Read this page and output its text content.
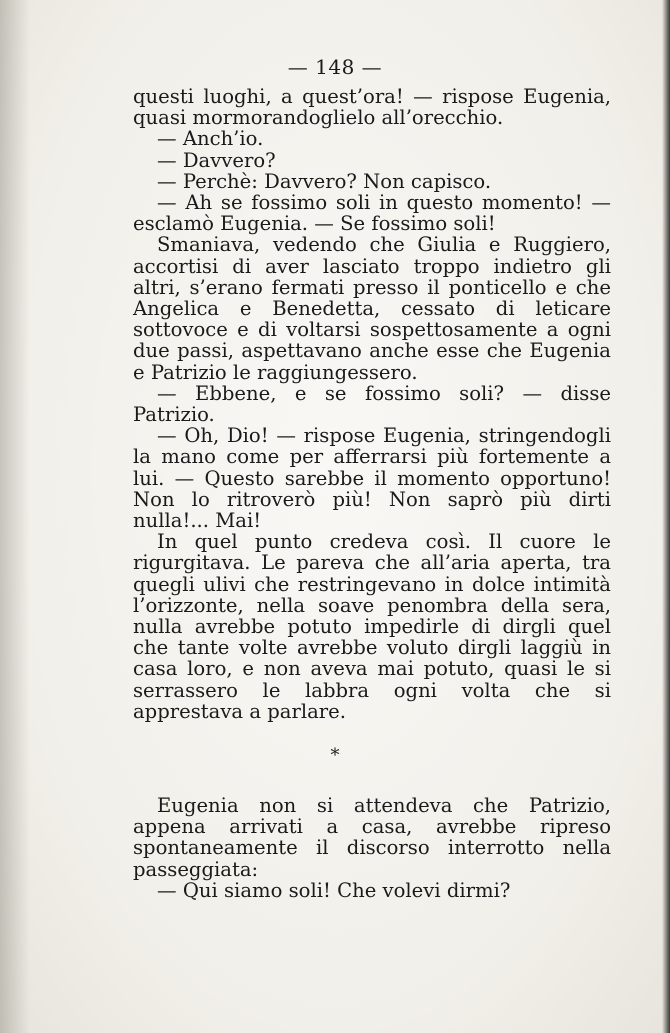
— 148 —

questi luoghi, a quest’ora! — rispose Eugenia, quasi mormorandoglielo all’orecchio.

— Anch’io.

— Davvero?

— Perchè: Davvero? Non capisco.

— Ah se fossimo soli in questo momento! — esclamò Eugenia. — Se fossimo soli!

Smaniava, vedendo che Giulia e Ruggiero, accortisi di aver lasciato troppo indietro gli altri, s’erano fermati presso il ponticello e che Angelica e Benedetta, cessato di leticare sottovoce e di voltarsi sospettosamente a ogni due passi, aspettavano anche esse che Eugenia e Patrizio le raggiungessero.

— Ebbene, e se fossimo soli? — disse Patrizio.

— Oh, Dio! — rispose Eugenia, stringendogli la mano come per afferrarsi più fortemente a lui. — Questo sarebbe il momento opportuno! Non lo ritroverò più! Non saprò più dirti nulla!... Mai!

In quel punto credeva così. Il cuore le rigurgitava. Le pareva che all’aria aperta, tra quegli ulivi che restringevano in dolce intimità l’orizzonte, nella soave penombra della sera, nulla avrebbe potuto impedirle di dirgli quel che tante volte avrebbe voluto dirgli laggiù in casa loro, e non aveva mai potuto, quasi le si serrassero le labbra ogni volta che si apprestava a parlare.

*

Eugenia non si attendeva che Patrizio, appena arrivati a casa, avrebbe ripreso spontaneamente il discorso interrotto nella passeggiata:

— Qui siamo soli! Che volevi dirmi?
